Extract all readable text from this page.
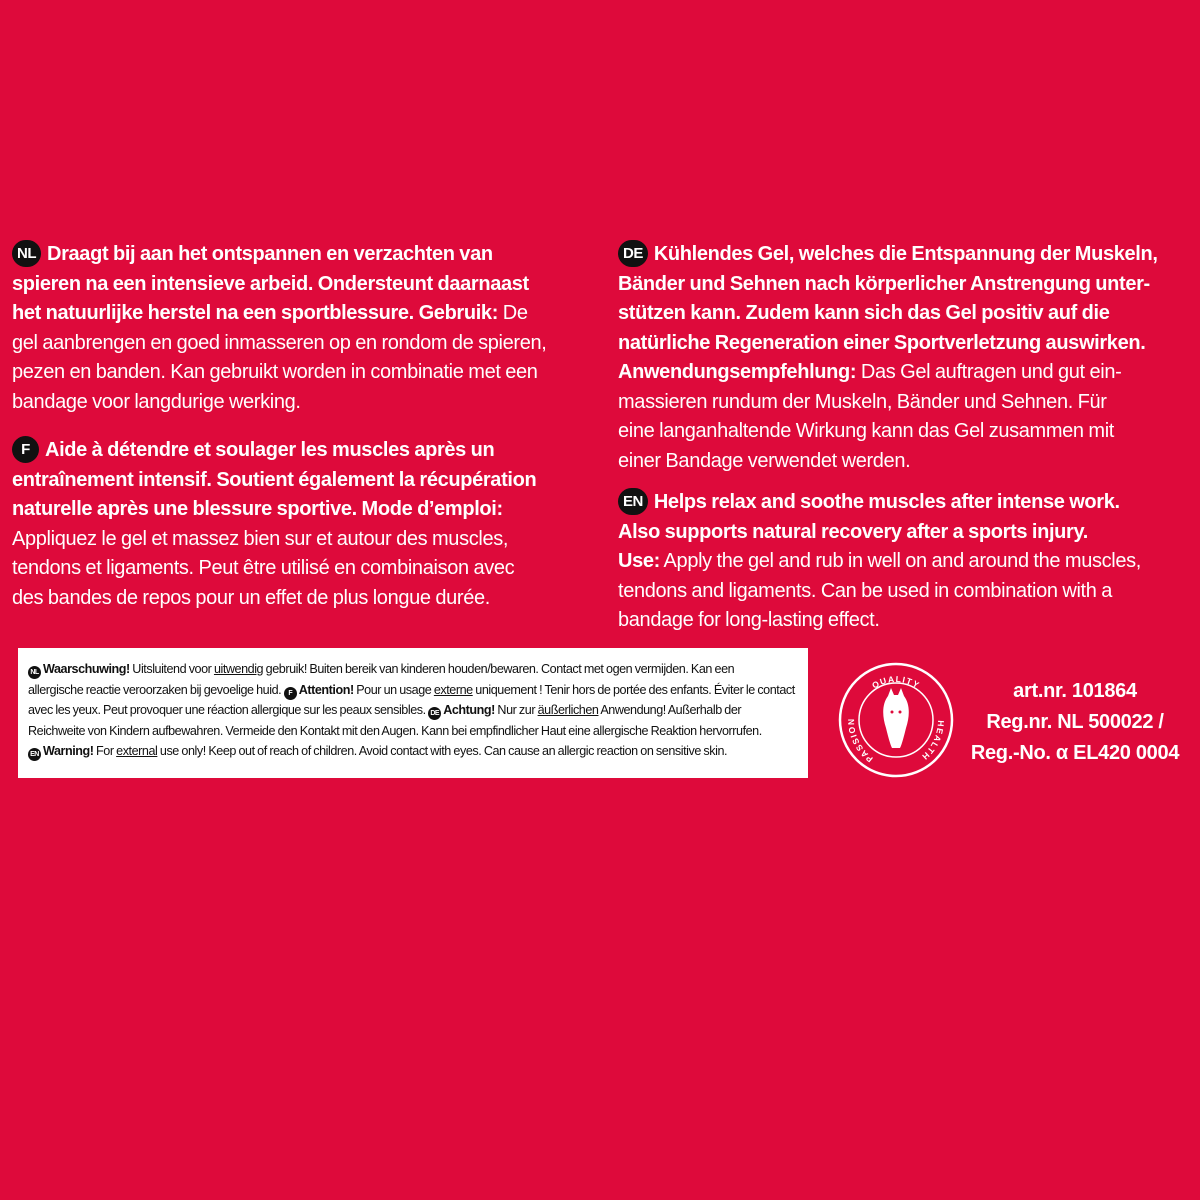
NL Draagt bij aan het ontspannen en verzachten van
spieren na een intensieve arbeid. Ondersteunt daarnaast
het natuurlijke herstel na een sportblessure. Gebruik: De
gel aanbrengen en goed inmasseren op en rondom de spieren,
pezen en banden. Kan gebruikt worden in combinatie met een
bandage voor langdurige werking.
F Aide à détendre et soulager les muscles après un
entraînement intensif. Soutient également la récupération
naturelle après une blessure sportive. Mode d’emploi:
Appliquez le gel et massez bien sur et autour des muscles,
tendons et ligaments. Peut être utilisé en combinaison avec
des bandes de repos pour un effet de plus longue durée.
DE Kühlendes Gel, welches die Entspannung der Muskeln,
Bänder und Sehnen nach körperlicher Anstrengung unter-
stützen kann. Zudem kann sich das Gel positiv auf die
natürliche Regeneration einer Sportverletzung auswirken.
Anwendungsempfehlung: Das Gel auftragen und gut ein-
massieren rundum der Muskeln, Bänder und Sehnen. Für
eine langanhaltende Wirkung kann das Gel zusammen mit
einer Bandage verwendet werden.
EN Helps relax and soothe muscles after intense work.
Also supports natural recovery after a sports injury.
Use: Apply the gel and rub in well on and around the muscles,
tendons and ligaments. Can be used in combination with a
bandage for long-lasting effect.
NL Waarschuwing! Uitsluitend voor uitwendig gebruik! Buiten bereik van kinderen houden/bewaren. Contact met ogen vermijden. Kan een
allergische reactie veroorzaken bij gevoelige huid. F Attention! Pour un usage externe uniquement ! Tenir hors de portée des enfants. Éviter le contact
avec les yeux. Peut provoquer une réaction allergique sur les peaux sensibles. DE Achtung! Nur zur äußerlichen Anwendung! Außerhalb der
Reichweite von Kindern aufbewahren. Vermeide den Kontakt mit den Augen. Kann bei empfindlicher Haut eine allergische Reaktion hervorrufen.
EN Warning! For external use only! Keep out of reach of children. Avoid contact with eyes. Can cause an allergic reaction on sensitive skin.
QUALITY
PASSION	HEALTH
art.nr. 101864
Reg.nr. NL 500022 /
Reg.-No. α EL420 0004
